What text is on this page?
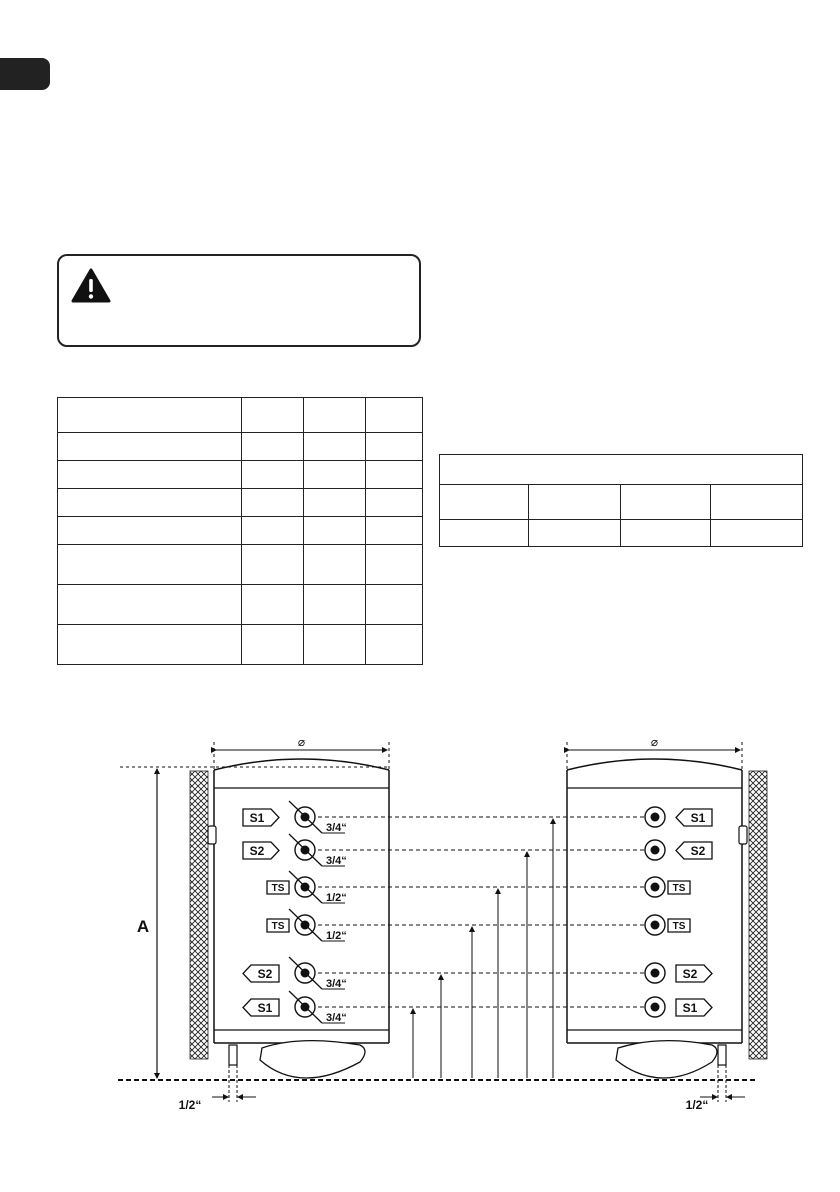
⌀
A
1/2“
⌀
1/2“
3/4“
S1
3/4“
S2
1/2“
TS
1/2“
TS
3/4“
S2
3/4“
S1
S1
S2
TS
TS
S2
S1
